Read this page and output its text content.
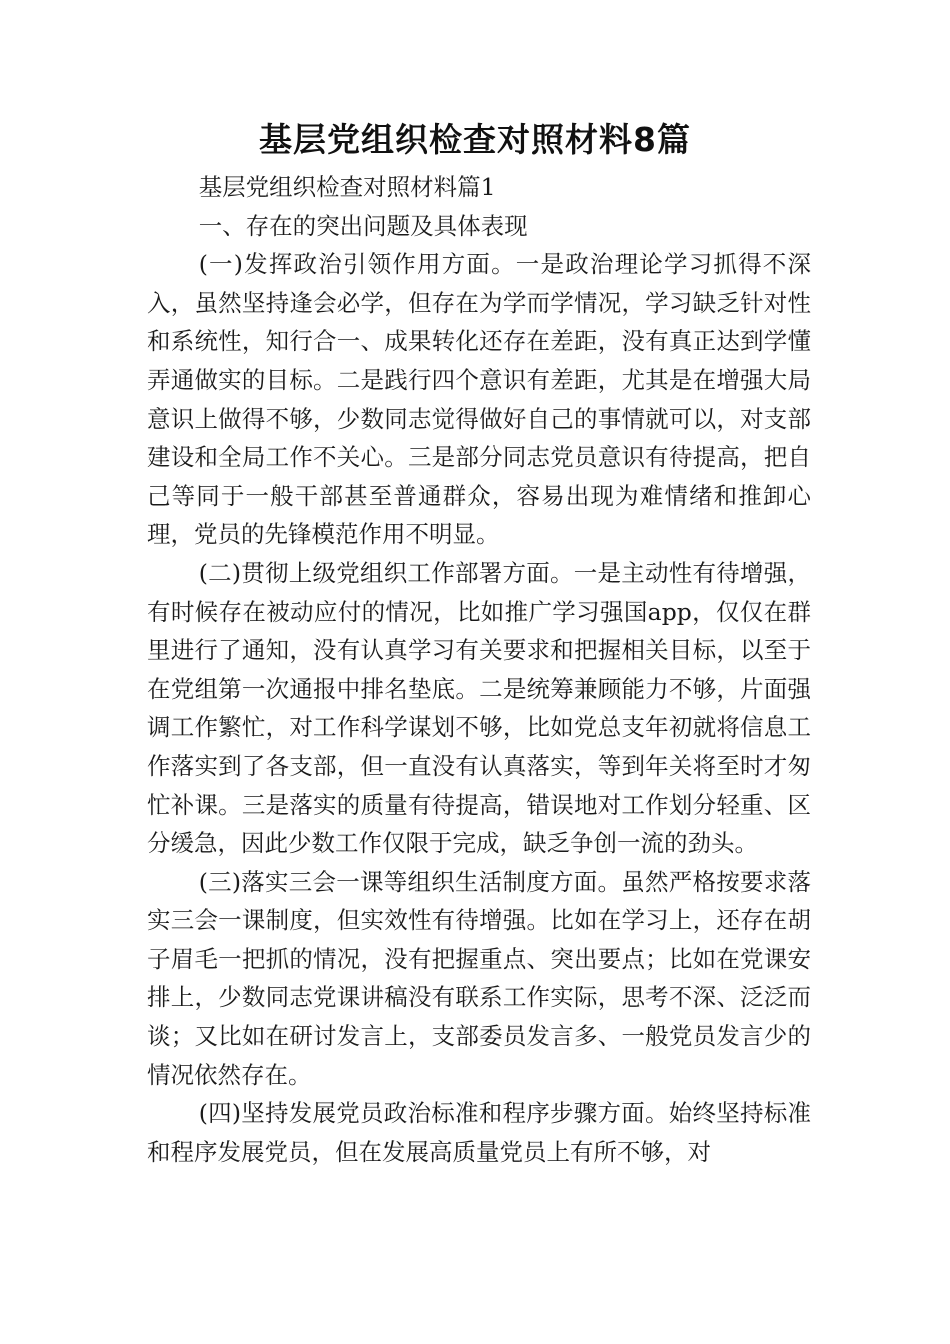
基层党组织检查对照材料8篇

基层党组织检查对照材料篇1

一、存在的突出问题及具体表现

(一)发挥政治引领作用方面。一是政治理论学习抓得不深入，虽然坚持逢会必学，但存在为学而学情况，学习缺乏针对性和系统性，知行合一、成果转化还存在差距，没有真正达到学懂弄通做实的目标。二是践行四个意识有差距，尤其是在增强大局意识上做得不够，少数同志觉得做好自己的事情就可以，对支部建设和全局工作不关心。三是部分同志党员意识有待提高，把自己等同于一般干部甚至普通群众，容易出现为难情绪和推卸心理，党员的先锋模范作用不明显。

(二)贯彻上级党组织工作部署方面。一是主动性有待增强，有时候存在被动应付的情况，比如推广学习强国app，仅仅在群里进行了通知，没有认真学习有关要求和把握相关目标，以至于在党组第一次通报中排名垫底。二是统筹兼顾能力不够，片面强调工作繁忙，对工作科学谋划不够，比如党总支年初就将信息工作落实到了各支部，但一直没有认真落实，等到年关将至时才匆忙补课。三是落实的质量有待提高，错误地对工作划分轻重、区分缓急，因此少数工作仅限于完成，缺乏争创一流的劲头。

(三)落实三会一课等组织生活制度方面。虽然严格按要求落实三会一课制度，但实效性有待增强。比如在学习上，还存在胡子眉毛一把抓的情况，没有把握重点、突出要点；比如在党课安排上，少数同志党课讲稿没有联系工作实际，思考不深、泛泛而谈；又比如在研讨发言上，支部委员发言多、一般党员发言少的情况依然存在。

(四)坚持发展党员政治标准和程序步骤方面。始终坚持标准和程序发展党员，但在发展高质量党员上有所不够，对
